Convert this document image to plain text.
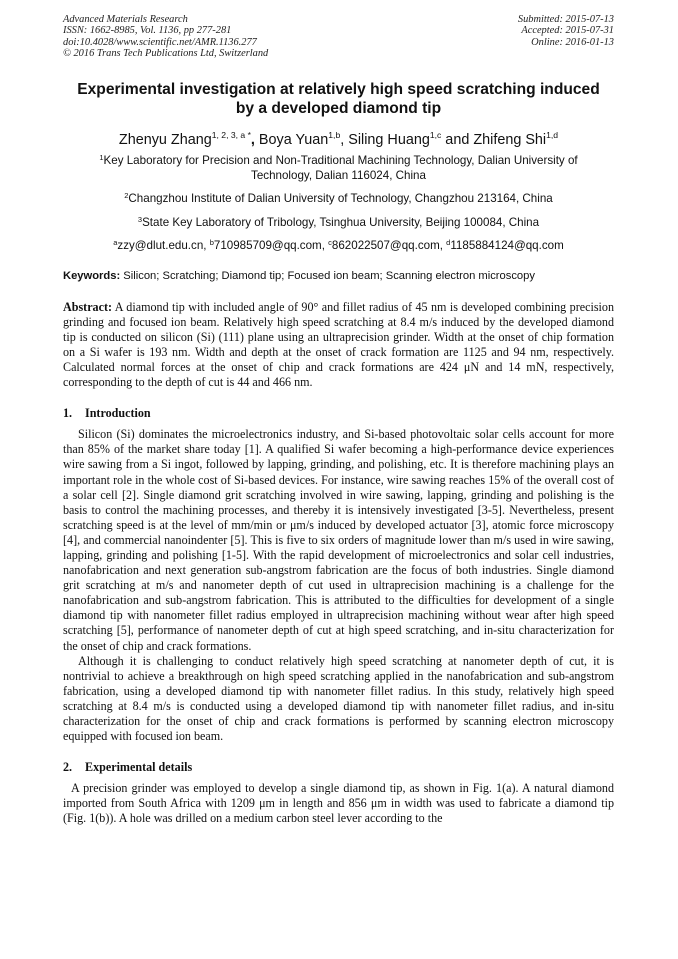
Advanced Materials Research
ISSN: 1662-8985, Vol. 1136, pp 277-281
doi:10.4028/www.scientific.net/AMR.1136.277
© 2016 Trans Tech Publications Ltd, Switzerland
Submitted: 2015-07-13
Accepted: 2015-07-31
Online: 2016-01-13
Experimental investigation at relatively high speed scratching induced
by a developed diamond tip
Zhenyu Zhang$^{1, 2, 3, a *}$, Boya Yuan$^{1,b}$, Siling Huang$^{1,c}$ and Zhifeng Shi$^{1,d}$
$^1$Key Laboratory for Precision and Non-Traditional Machining Technology, Dalian University of
Technology, Dalian 116024, China
$^2$Changzhou Institute of Dalian University of Technology, Changzhou 213164, China
$^3$State Key Laboratory of Tribology, Tsinghua University, Beijing 100084, China
$^a$zzy@dlut.edu.cn, $^b$710985709@qq.com, $^c$862022507@qq.com, $^d$1185884124@qq.com
Keywords: Silicon; Scratching; Diamond tip; Focused ion beam; Scanning electron microscopy
Abstract: A diamond tip with included angle of 90° and fillet radius of 45 nm is developed combining precision grinding and focused ion beam. Relatively high speed scratching at 8.4 m/s induced by the developed diamond tip is conducted on silicon (Si) (111) plane using an ultraprecision grinder. Width at the onset of chip formation on a Si wafer is 193 nm. Width and depth at the onset of crack formation are 1125 and 94 nm, respectively. Calculated normal forces at the onset of chip and crack formations are 424 μN and 14 mN, respectively, corresponding to the depth of cut is 44 and 466 nm.
1. Introduction

Silicon (Si) dominates the microelectronics industry, and Si-based photovoltaic solar cells account for more than 85% of the market share today [1]. A qualified Si wafer becoming a high-performance device experiences wire sawing from a Si ingot, followed by lapping, grinding, and polishing, etc. It is therefore machining plays an important role in the whole cost of Si-based devices. For instance, wire sawing reaches 15% of the overall cost of a solar cell [2]. Single diamond grit scratching involved in wire sawing, lapping, grinding and polishing is the basis to control the machining processes, and thereby it is intensively investigated [3-5]. Nevertheless, present scratching speed is at the level of mm/min or μm/s induced by developed actuator [3], atomic force microscopy [4], and commercial nanoindenter [5]. This is five to six orders of magnitude lower than m/s used in wire sawing, lapping, grinding and polishing [1-5]. With the rapid development of microelectronics and solar cell industries, nanofabrication and next generation sub-angstrom fabrication are the focus of both industries. Single diamond grit scratching at m/s and nanometer depth of cut used in ultraprecision machining is a challenge for the nanofabrication and sub-angstrom fabrication. This is attributed to the difficulties for development of a single diamond tip with nanometer fillet radius employed in ultraprecision machining without wear after high speed scratching [5], performance of nanometer depth of cut at high speed scratching, and in-situ characterization for the onset of chip and crack formations.

Although it is challenging to conduct relatively high speed scratching at nanometer depth of cut, it is nontrivial to achieve a breakthrough on high speed scratching applied in the nanofabrication and sub-angstrom fabrication, using a developed diamond tip with nanometer fillet radius. In this study, relatively high speed scratching at 8.4 m/s is conducted using a developed diamond tip with nanometer fillet radius, and in-situ characterization for the onset of chip and crack formations is performed by scanning electron microscopy equipped with focused ion beam.

2. Experimental details

A precision grinder was employed to develop a single diamond tip, as shown in Fig. 1(a). A natural diamond imported from South Africa with 1209 μm in length and 856 μm in width was used to fabricate a diamond tip (Fig. 1(b)). A hole was drilled on a medium carbon steel lever according to the
